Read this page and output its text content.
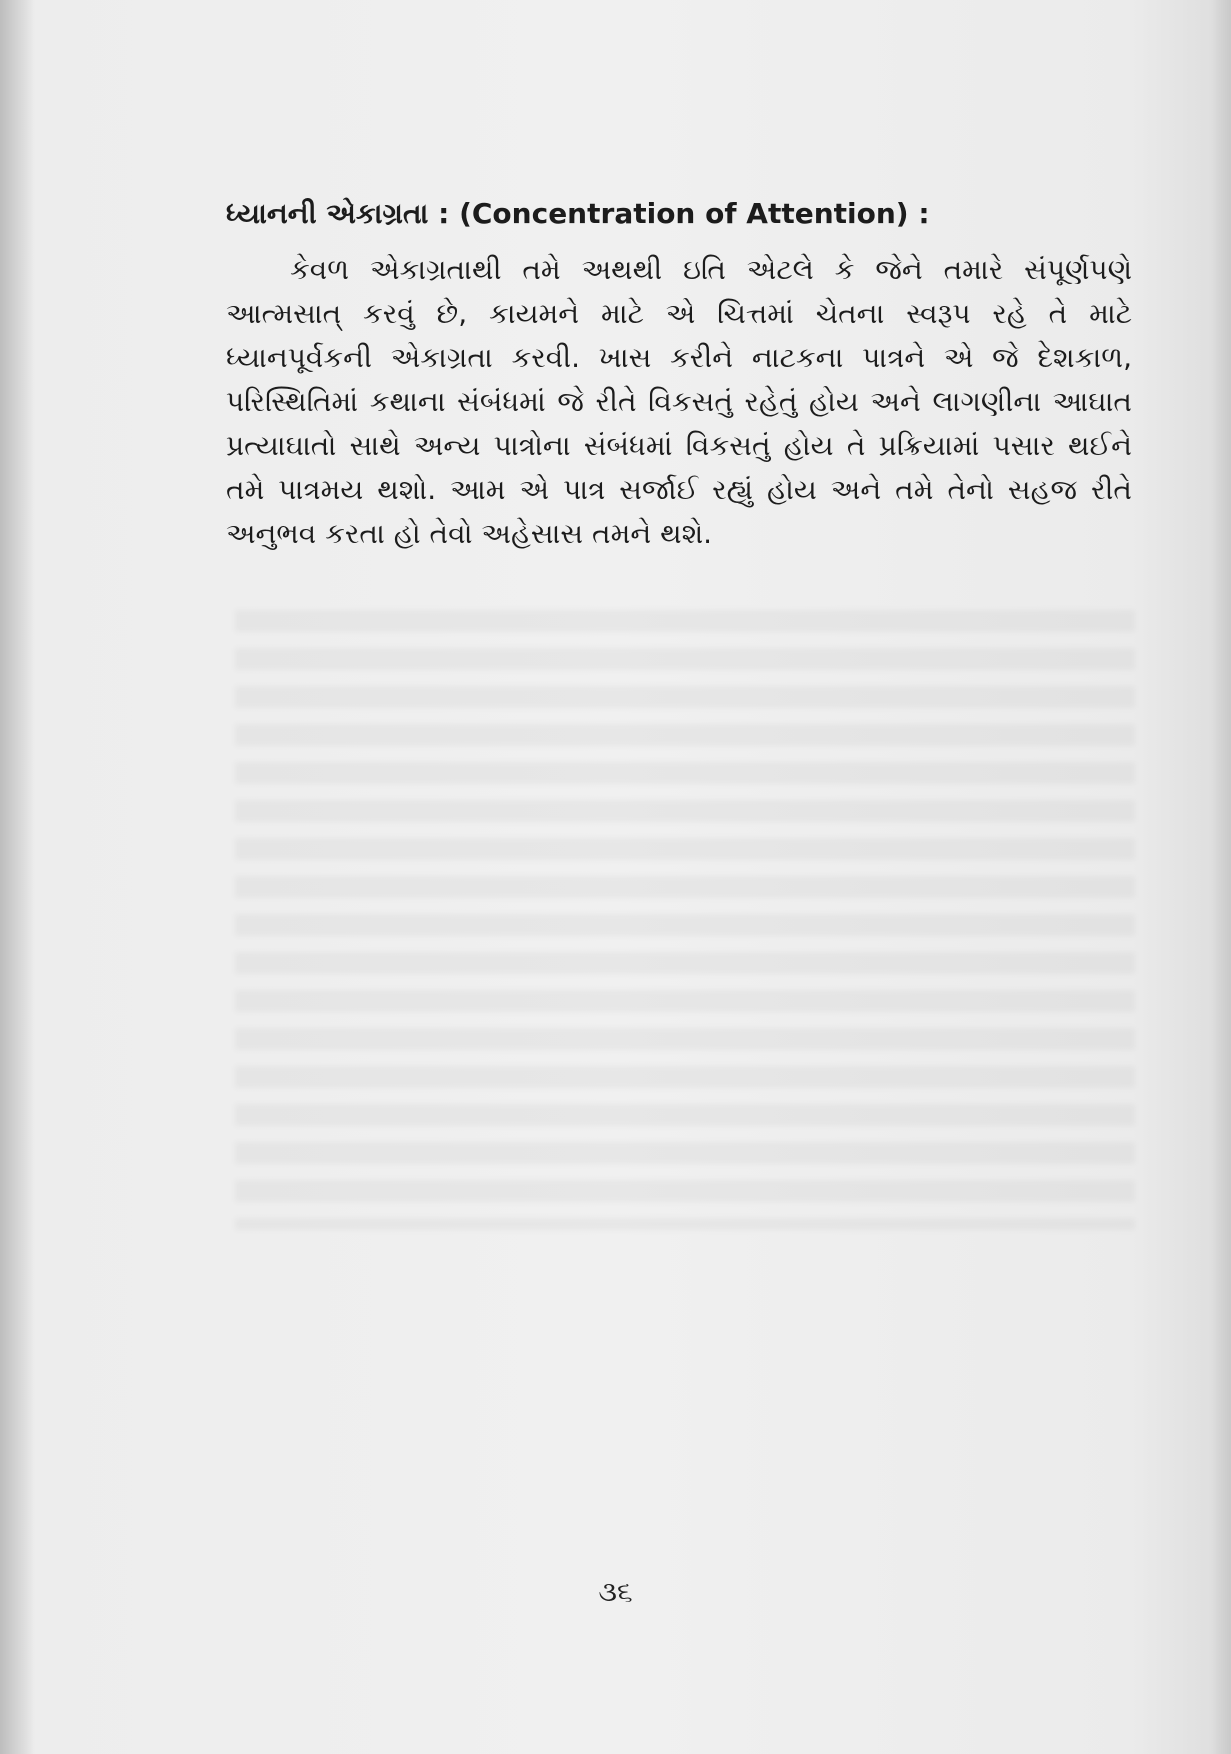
ધ્યાનની એકાગ્રતા : (Concentration of Attention) :
કેવળ એકાગ્રતાથી તમે અથથી ઇતિ એટલે કે જેને તમારે સંપૂર્ણપણે
આત્મસાત્ કરવું છે, કાયમને માટે એ ચિત્તમાં ચેતના સ્વરૂપ રહે તે માટે
ધ્યાનપૂર્વકની એકાગ્રતા કરવી. ખાસ કરીને નાટકના પાત્રને એ જે દેશકાળ,
પરિસ્થિતિમાં કથાના સંબંધમાં જે રીતે વિકસતું રહેતું હોય અને લાગણીના આઘાત
પ્રત્યાઘાતો સાથે અન્ય પાત્રોના સંબંધમાં વિકસતું હોય તે પ્રક્રિયામાં પસાર થઈને
તમે પાત્રમય થશો. આમ એ પાત્ર સર્જાઈ રહ્યું હોય અને તમે તેનો સહજ રીતે
અનુભવ કરતા હો તેવો અહેસાસ તમને થશે.
૩૬
